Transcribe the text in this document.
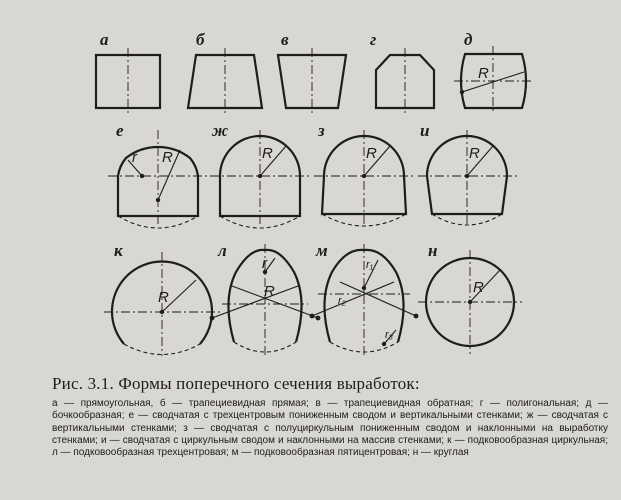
а	б	в	г	д
R
е
r R
ж
R
з
R
и
R
к
R
л
r
R
м
r₁
r₂
r₃
н
R
Рис. 3.1. Формы поперечного сечения выработок:
а — прямоугольная, б — трапециевидная прямая; в — трапециевидная обратная; г — полигональная; д — бочкообразная; е — сводчатая с трехцентровым пониженным сводом и вертикальными стенками; ж — сводчатая с вертикальными стенками; з — сводчатая с полуциркульным пониженным сводом и наклонными на выработку стенками; и — сводчатая с циркульным сводом и наклонными на массив стенками; к — подковообразная циркульная; л — подковообразная трехцентровая; м — подковообразная пятицентровая; н — круглая
